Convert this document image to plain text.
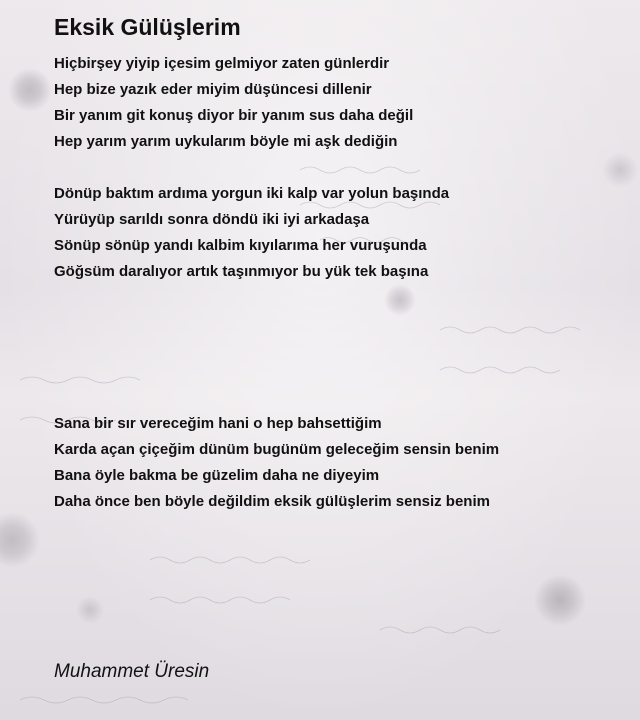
Eksik Gülüşlerim
Hiçbirşey yiyip içesim gelmiyor zaten günlerdir
Hep bize yazık eder miyim düşüncesi dillenir
Bir yanım git konuş diyor bir yanım sus daha değil
Hep yarım yarım uykularım böyle mi aşk dediğin
Dönüp baktım ardıma yorgun iki kalp var yolun başında
Yürüyüp sarıldı sonra döndü iki iyi arkadaşa
Sönüp sönüp yandı kalbim kıyılarıma her vuruşunda
Göğsüm daralıyor artık taşınmıyor bu yük tek başına
Sana bir sır vereceğim hani o hep bahsettiğim
Karda açan çiçeğim dünüm bugünüm geleceğim sensin benim
Bana öyle bakma be güzelim daha ne diyeyim
Daha önce ben böyle değildim eksik gülüşlerim sensiz benim
Muhammet Üresin
